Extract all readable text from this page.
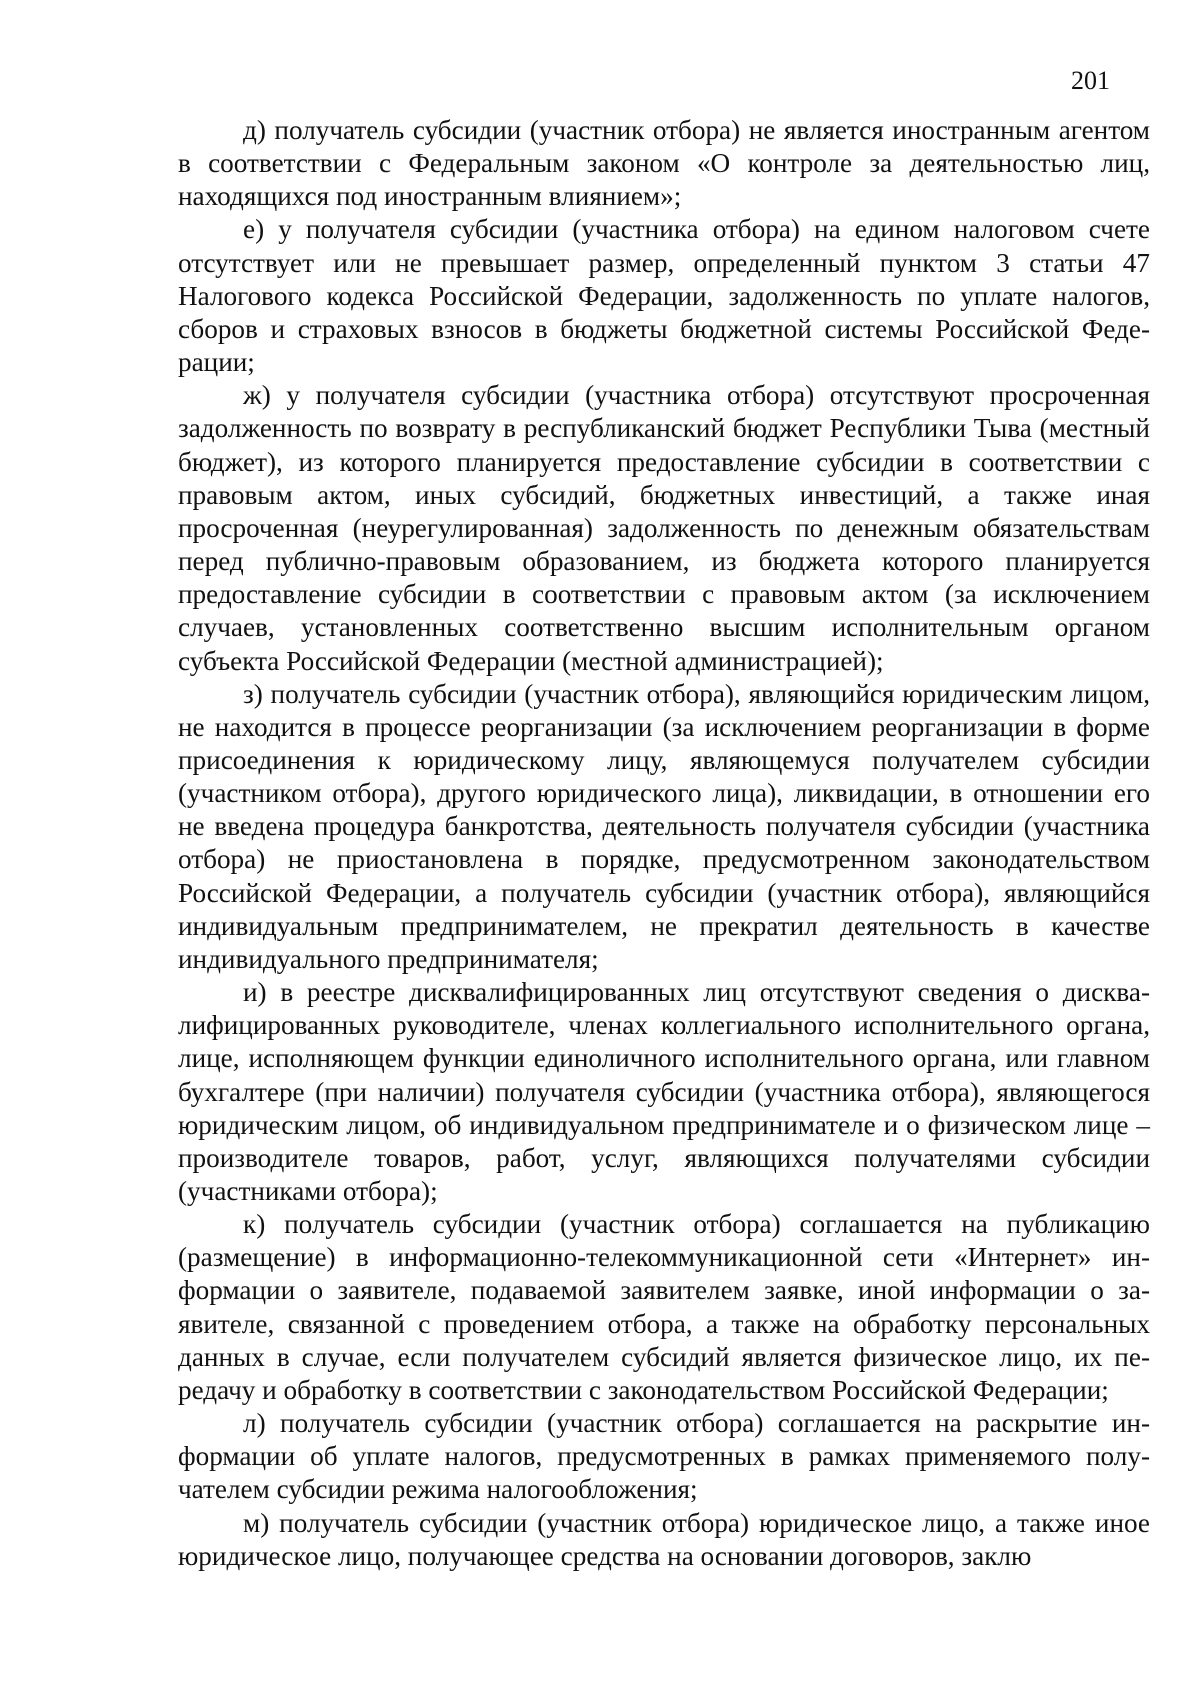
201

д) получатель субсидии (участник отбора) не является иностранным агентом в соответствии с Федеральным законом «О контроле за деятельностью лиц, находящихся под иностранным влиянием»;

е) у получателя субсидии (участника отбора) на едином налоговом счете отсутствует или не превышает размер, определенный пунктом 3 статьи 47 Налогового кодекса Российской Федерации, задолженность по уплате налогов, сборов и страховых взносов в бюджеты бюджетной системы Российской Федерации;

ж) у получателя субсидии (участника отбора) отсутствуют просроченная задолженность по возврату в республиканский бюджет Республики Тыва (местный бюджет), из которого планируется предоставление субсидии в соответствии с правовым актом, иных субсидий, бюджетных инвестиций, а также иная просроченная (неурегулированная) задолженность по денежным обязательствам перед публично-правовым образованием, из бюджета которого планируется предоставление субсидии в соответствии с правовым актом (за исключением случаев, установленных соответственно высшим исполнительным органом субъекта Российской Федерации (местной администрацией);

з) получатель субсидии (участник отбора), являющийся юридическим лицом, не находится в процессе реорганизации (за исключением реорганизации в форме присоединения к юридическому лицу, являющемуся получателем субсидии (участником отбора), другого юридического лица), ликвидации, в отношении его не введена процедура банкротства, деятельность получателя субсидии (участника отбора) не приостановлена в порядке, предусмотренном законодательством Российской Федерации, а получатель субсидии (участник отбора), являющийся индивидуальным предпринимателем, не прекратил деятельность в качестве индивидуального предпринимателя;

и) в реестре дисквалифицированных лиц отсутствуют сведения о дисквалифицированных руководителе, членах коллегиального исполнительного органа, лице, исполняющем функции единоличного исполнительного органа, или главном бухгалтере (при наличии) получателя субсидии (участника отбора), являющегося юридическим лицом, об индивидуальном предпринимателе и о физическом лице – производителе товаров, работ, услуг, являющихся получателями субсидии (участниками отбора);

к) получатель субсидии (участник отбора) соглашается на публикацию (размещение) в информационно-телекоммуникационной сети «Интернет» информации о заявителе, подаваемой заявителем заявке, иной информации о заявителе, связанной с проведением отбора, а также на обработку персональных данных в случае, если получателем субсидий является физическое лицо, их передачу и обработку в соответствии с законодательством Российской Федерации;

л) получатель субсидии (участник отбора) соглашается на раскрытие информации об уплате налогов, предусмотренных в рамках применяемого получателем субсидии режима налогообложения;

м) получатель субсидии (участник отбора) юридическое лицо, а также иное юридическое лицо, получающее средства на основании договоров, заклю
